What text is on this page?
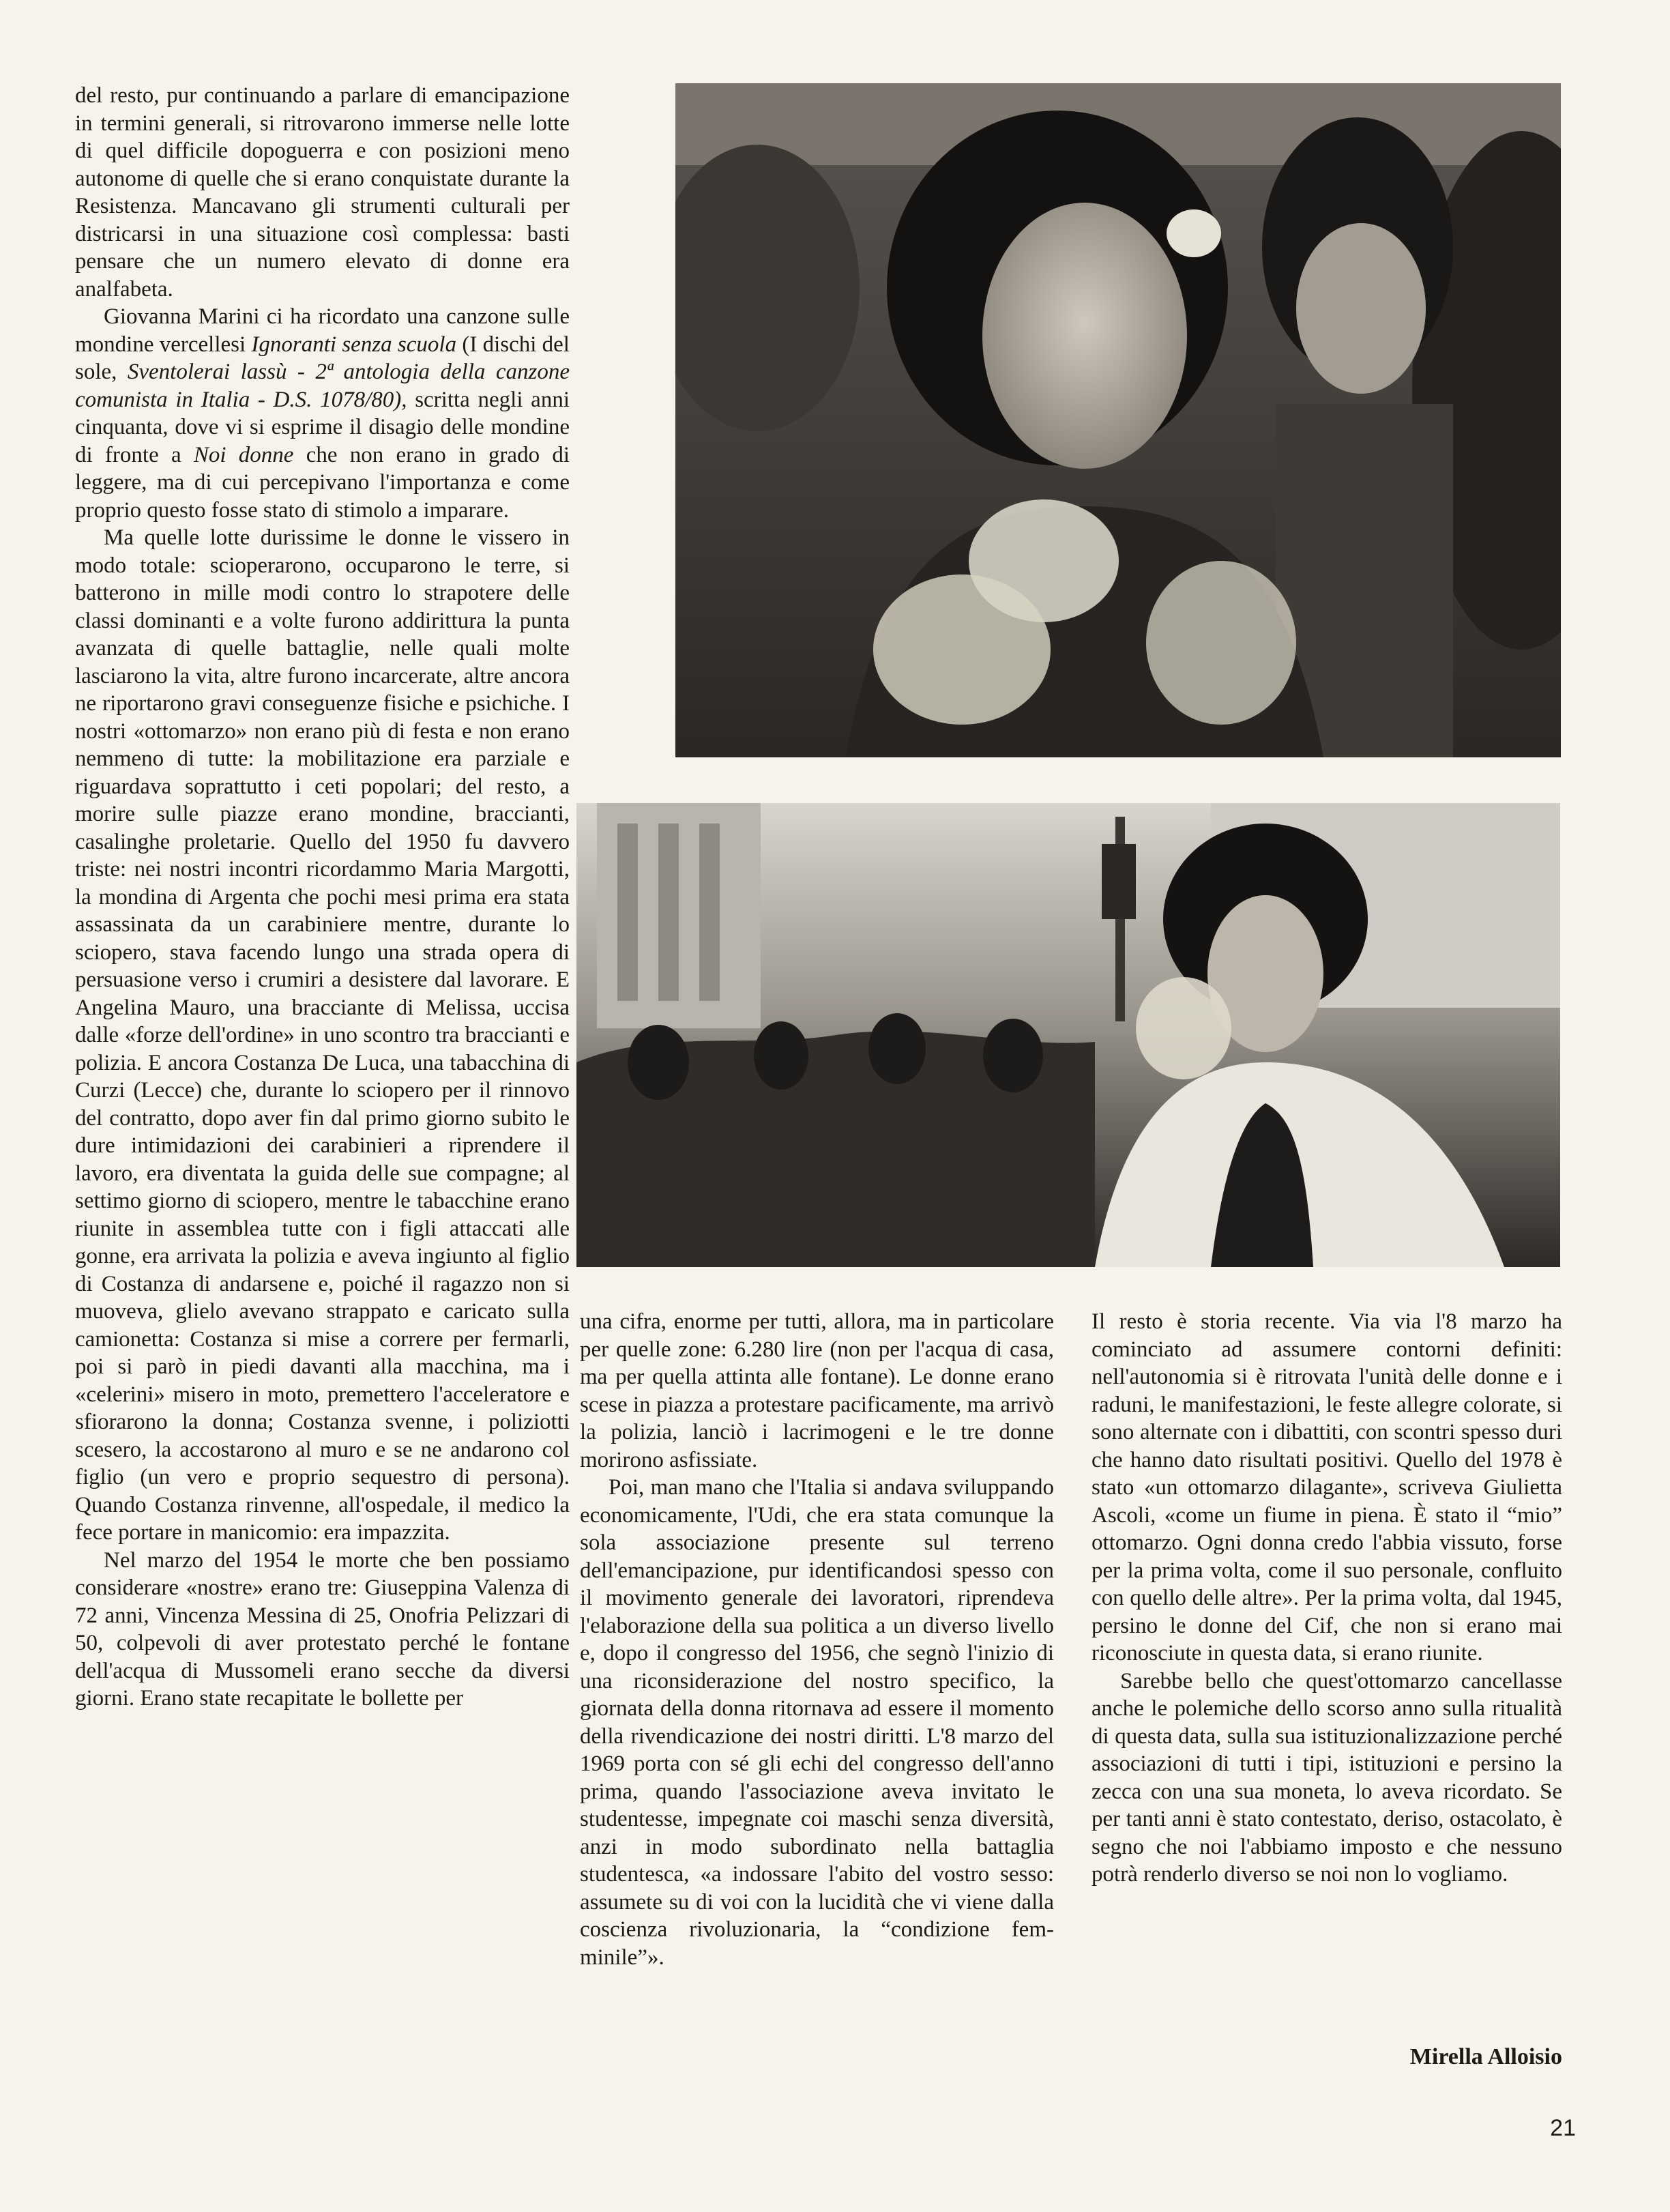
del resto, pur continuando a parlare di emancipazione in termini generali, si ritrovarono immerse nelle lotte di quel difficile dopoguerra e con posizioni meno autonome di quelle che si erano conquistate durante la Resistenza. Mancavano gli strumenti culturali per districarsi in una situazione così complessa: basti pensare che un numero elevato di donne era analfabeta.

Giovanna Marini ci ha ricordato una canzone sulle mondine vercellesi Ignoranti senza scuola (I dischi del sole, Sventolerai lassù - 2ª antologia della canzone comunista in Italia - D.S. 1078/80), scritta negli anni cinquanta, dove vi si esprime il disagio delle mondine di fronte a Noi donne che non erano in grado di leggere, ma di cui percepivano l'importanza e come proprio questo fosse stato di stimolo a imparare.

Ma quelle lotte durissime le donne le vissero in modo totale: scioperarono, occuparono le terre, si batterono in mille modi contro lo strapotere delle classi dominanti e a volte furono addirittura la punta avanzata di quelle battaglie, nelle quali molte lasciarono la vita, altre furono incarcerate, altre ancora ne riportarono gravi conseguenze fisiche e psichiche. I nostri «ottomarzo» non erano più di festa e non erano nemmeno di tutte: la mobilitazione era parziale e riguardava soprattutto i ceti popolari; del resto, a morire sulle piazze erano mondine, braccianti, casalinghe proletarie. Quello del 1950 fu davvero triste: nei nostri incontri ricordammo Maria Margotti, la mondina di Argenta che pochi mesi prima era stata assassinata da un carabiniere mentre, durante lo sciopero, stava facendo lungo una strada opera di persuasione verso i crumiri a desistere dal lavorare. E Angelina Mauro, una bracciante di Melissa, uccisa dalle «forze dell'ordine» in uno scontro tra braccianti e polizia. E ancora Costanza De Luca, una tabacchina di Curzi (Lecce) che, durante lo sciopero per il rinnovo del contratto, dopo aver fin dal primo giorno subito le dure intimidazioni dei carabinieri a riprendere il lavoro, era diventata la guida delle sue compagne; al settimo giorno di sciopero, mentre le tabacchine erano riunite in assemblea tutte con i figli attaccati alle gonne, era arrivata la polizia e aveva ingiunto al figlio di Costanza di andarsene e, poiché il ragazzo non si muoveva, glielo avevano strappato e caricato sulla camionetta: Costanza si mise a correre per fermarli, poi si parò in piedi davanti alla macchina, ma i «celerini» misero in moto, premettero l'acceleratore e sfiorarono la donna; Costanza svenne, i poliziotti scesero, la accostarono al muro e se ne andarono col figlio (un vero e proprio sequestro di persona). Quando Costanza rinvenne, all'ospedale, il medico la fece portare in manicomio: era impazzita.

Nel marzo del 1954 le morte che ben possiamo considerare «nostre» erano tre: Giuseppina Valenza di 72 anni, Vincenza Messina di 25, Onofria Pelizzari di 50, colpevoli di aver protestato perché le fontane dell'acqua di Mussomeli erano secche da diversi giorni. Erano state recapitate le bollette per

una cifra, enorme per tutti, allora, ma in particolare per quelle zone: 6.280 lire (non per l'acqua di casa, ma per quella attinta alle fontane). Le donne erano scese in piazza a protestare pacificamente, ma arrivò la polizia, lanciò i lacrimogeni e le tre donne morirono asfissiate.

Poi, man mano che l'Italia si andava sviluppando economicamente, l'Udi, che era stata comunque la sola associazione presente sul terreno dell'emancipazione, pur identificandosi spesso con il movimento generale dei lavoratori, riprendeva l'elaborazione della sua politica a un diverso livello e, dopo il congresso del 1956, che segnò l'inizio di una riconsiderazione del nostro specifico, la giornata della donna ritornava ad essere il momento della rivendicazione dei nostri diritti. L'8 marzo del 1969 porta con sé gli echi del congresso dell'anno prima, quando l'associazione aveva invitato le studentesse, impegnate coi maschi senza diversità, anzi in modo subordinato nella battaglia studentesca, «a indossare l'abito del vostro sesso: assumete su di voi con la lucidità che vi viene dalla coscienza rivoluzionaria, la “condizione femminile”».

Il resto è storia recente. Via via l'8 marzo ha cominciato ad assumere contorni definiti: nell'autonomia si è ritrovata l'unità delle donne e i raduni, le manifestazioni, le feste allegre colorate, si sono alternate con i dibattiti, con scontri spesso duri che hanno dato risultati positivi. Quello del 1978 è stato «un ottomarzo dilagante», scriveva Giulietta Ascoli, «come un fiume in piena. È stato il “mio” ottomarzo. Ogni donna credo l'abbia vissuto, forse per la prima volta, come il suo personale, confluito con quello delle altre». Per la prima volta, dal 1945, persino le donne del Cif, che non si erano mai riconosciute in questa data, si erano riunite.

Sarebbe bello che quest'ottomarzo cancellasse anche le polemiche dello scorso anno sulla ritualità di questa data, sulla sua istituzionalizzazione perché associazioni di tutti i tipi, istituzioni e persino la zecca con una sua moneta, lo aveva ricordato. Se per tanti anni è stato contestato, deriso, ostacolato, è segno che noi l'abbiamo imposto e che nessuno potrà renderlo diverso se noi non lo vogliamo.

Mirella Alloisio

21
